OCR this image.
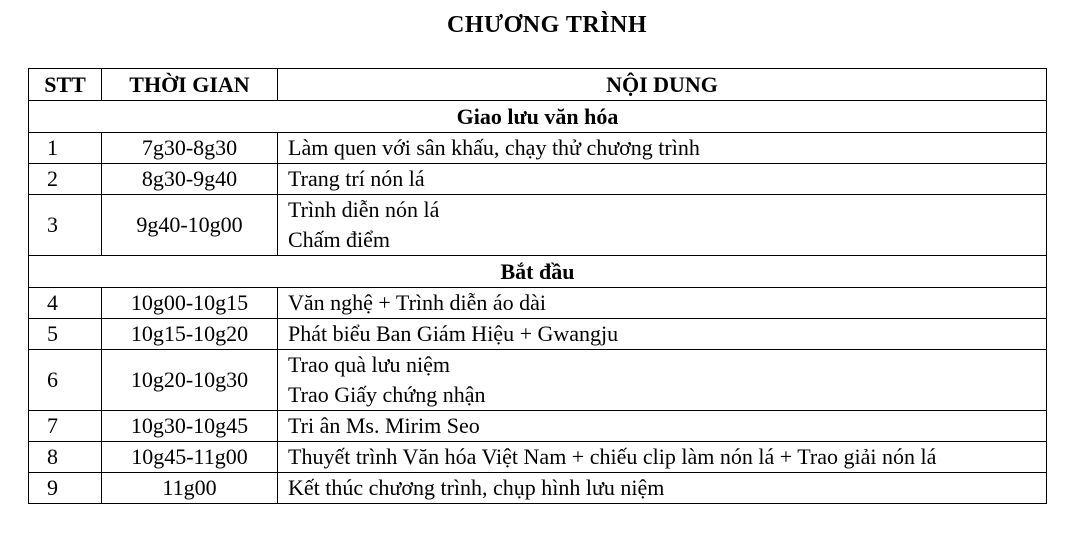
CHƯƠNG TRÌNH
STT	THỜI GIAN	NỘI DUNG
Giao lưu văn hóa		
1	7g30-8g30	Làm quen với sân khấu, chạy thử chương trình

2	8g30-9g40	Trang trí nón lá

3	9g40-10g00	Trình diễn nón lá
Chấm điểm

Bắt đầu		
4	10g00-10g15	Văn nghệ + Trình diễn áo dài

5	10g15-10g20	Phát biểu Ban Giám Hiệu + Gwangju

6	10g20-10g30	Trao quà lưu niệm
Trao Giấy chứng nhận

7	10g30-10g45	Tri ân Ms. Mirim Seo

8	10g45-11g00	Thuyết trình Văn hóa Việt Nam + chiếu clip làm nón lá + Trao giải nón lá

9	11g00	Kết thúc chương trình, chụp hình lưu niệm
